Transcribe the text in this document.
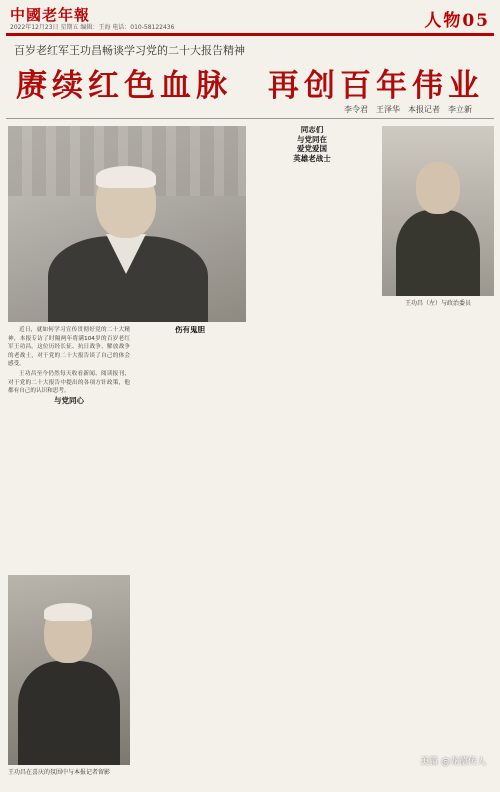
中國老年報
2022年12月23日 星期五 编辑：王海 电话：010-58122436	人物05
百岁老红军王功昌畅谈学习党的二十大报告精神
赓续红色血脉　再创百年伟业
李令君　王泽华　本报记者　李立新
王功昌（左）与政治委员
王功昌在喜庆的氛围中与本报记者留影

近日，就如何学习宣传贯彻好党的二十大精神，本报专访了时隔两年将满104岁的百岁老红军王功昌。这位历经长征、抗日战争、解放战争的老战士，对于党的二十大报告谈了自己的体会感受。

王功昌至今仍然每天收看新闻、阅读报刊，对于党的二十大报告中提出的各项方针政策，他都有自己的认识和思考。

与党同心

伤有鬼胆

同志们

与党同在

爱党爱国

英雄老战士

美篇 @龙德传人
